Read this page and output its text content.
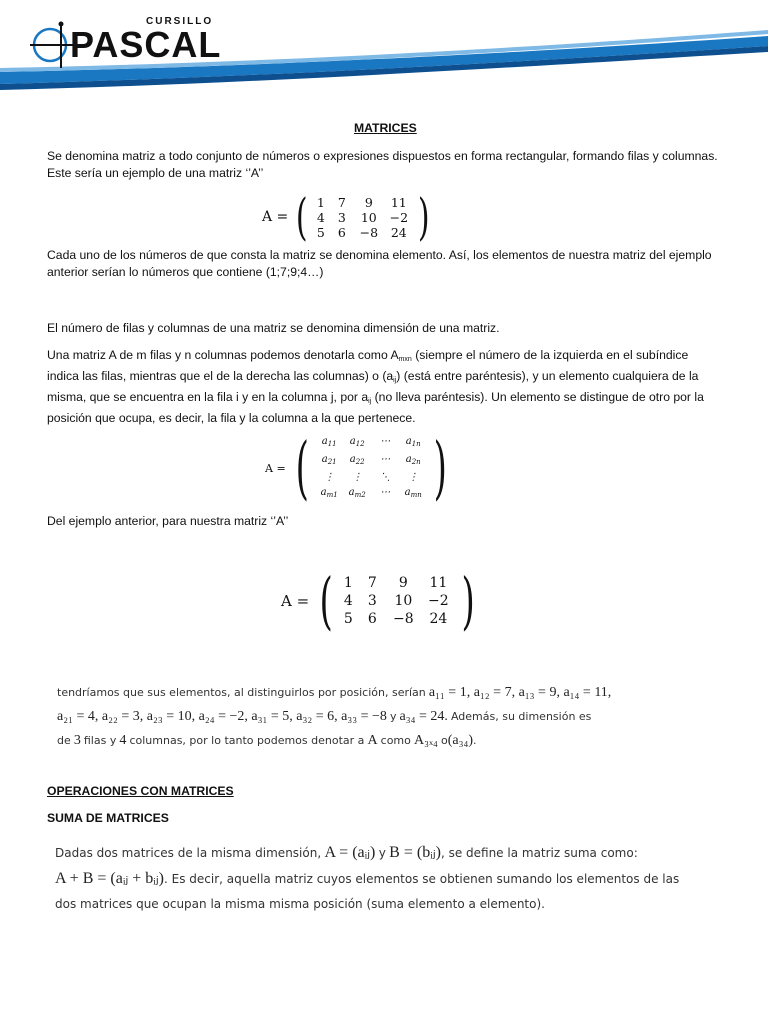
CURSILLO
PASCAL
MATRICES

Se denomina matriz a todo conjunto de números o expresiones dispuestos en forma rectangular, formando filas y columnas. Este sería un ejemplo de una matriz ‘’A’’

A = ( 1	7	9	11
4	3	10	−2
5	6	−8	24 )

Cada uno de los números de que consta la matriz se denomina elemento. Así, los elementos de nuestra matriz del ejemplo anterior serían lo números que contiene (1;7;9;4…)

El número de filas y columnas de una matriz se denomina dimensión de una matriz.

Una matriz A de m filas y n columnas podemos denotarla como $A_{mxn}$ (siempre el número de la izquierda en el subíndice indica las filas, mientras que el de la derecha las columnas) o $(a_{ij})$ (está entre paréntesis), y un elemento cualquiera de la misma, que se encuentra en la fila i y en la columna j, por $a_{ij}$ (no lleva paréntesis). Un elemento se distingue de otro por la posición que ocupa, es decir, la fila y la columna a la que pertenece.

A = (	$a_{11}$	$a_{12}$	⋯	$a_{1n}$
$a_{21}$	$a_{22}$	⋯	$a_{2n}$
⋮	⋮	⋱	⋮
$a_{m1}$	$a_{m2}$	⋯	$a_{mn}$ )

Del ejemplo anterior, para nuestra matriz ‘’A’’

A = ( 1	7	9	11
4	3	10	−2
5	6	−8	24 )
tendríamos que sus elementos, al distinguirlos por posición, serían a₁₁ = 1, a₁₂ = 7, a₁₃ = 9, a₁₄ = 11,
a₂₁ = 4, a₂₂ = 3, a₂₃ = 10, a₂₄ = −2, a₃₁ = 5, a₃₂ = 6, a₃₃ = −8 y a₃₄ = 24. Además, su dimensión es
de 3 filas y 4 columnas, por lo tanto podemos denotar a A como A₃ₓ₄ o(a₃₄).
OPERACIONES CON MATRICES
SUMA DE MATRICES
Dadas dos matrices de la misma dimensión, A = (aᵢⱼ) y B = (bᵢⱼ), se define la matriz suma como:
A + B = (aᵢⱼ + bᵢⱼ). Es decir, aquella matriz cuyos elementos se obtienen sumando los elementos de las
dos matrices que ocupan la misma misma posición (suma elemento a elemento).
